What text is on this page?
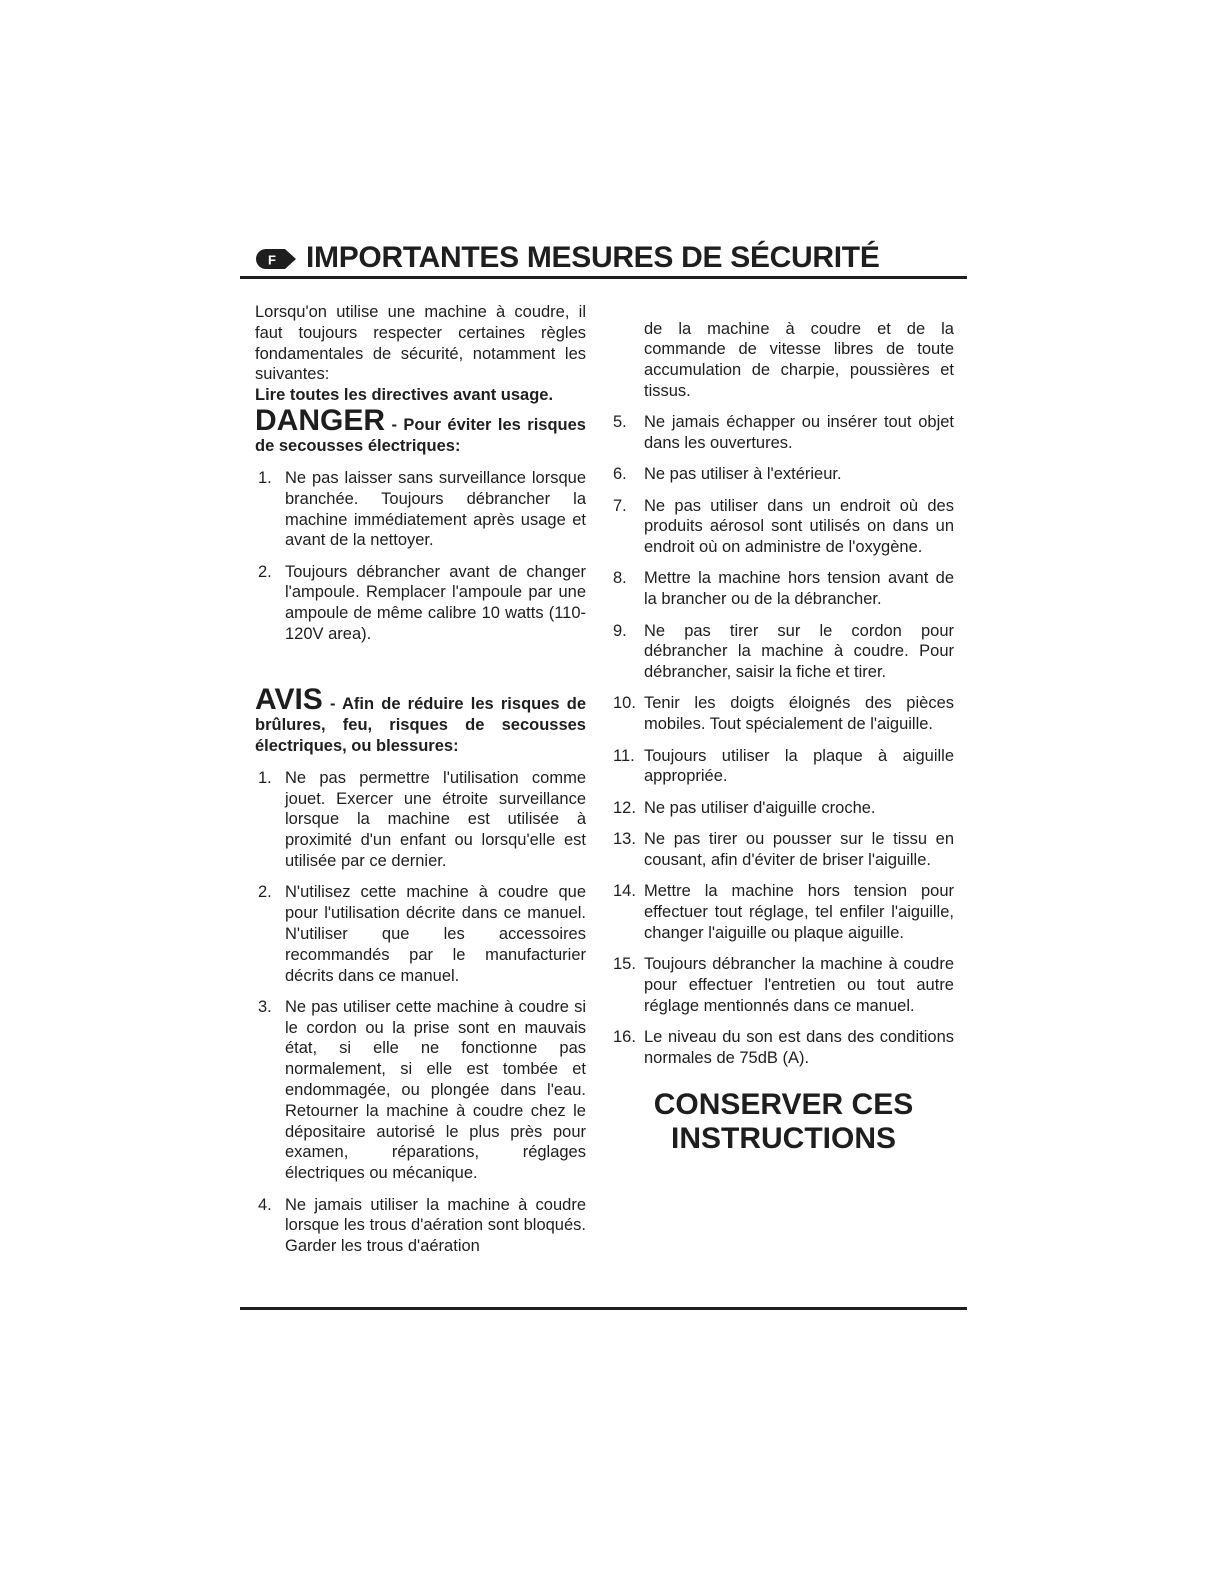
F IMPORTANTES MESURES DE SÉCURITÉ

Lorsqu'on utilise une machine à coudre, il faut toujours respecter certaines règles fondamentales de sécurité, notamment les suivantes:

Lire toutes les directives avant usage.

DANGER - Pour éviter les risques de secousses électriques:

1. Ne pas laisser sans surveillance lorsque branchée. Toujours débrancher la machine immédiatement après usage et avant de la nettoyer.
2. Toujours débrancher avant de changer l'ampoule. Remplacer l'ampoule par une ampoule de même calibre 10 watts (110-120V area).

AVIS - Afin de réduire les risques de brûlures, feu, risques de secousses électriques, ou blessures:

1. Ne pas permettre l'utilisation comme jouet. Exercer une étroite surveillance lorsque la machine est utilisée à proximité d'un enfant ou lorsqu'elle est utilisée par ce dernier.
2. N'utilisez cette machine à coudre que pour l'utilisation décrite dans ce manuel. N'utiliser que les accessoires recommandés par le manufacturier décrits dans ce manuel.
3. Ne pas utiliser cette machine à coudre si le cordon ou la prise sont en mauvais état, si elle ne fonctionne pas normalement, si elle est tombée et endommagée, ou plongée dans l'eau. Retourner la machine à coudre chez le dépositaire autorisé le plus près pour examen, réparations, réglages électriques ou mécanique.
4. Ne jamais utiliser la machine à coudre lorsque les trous d'aération sont bloqués. Garder les trous d'aération

de la machine à coudre et de la commande de vitesse libres de toute accumulation de charpie, poussières et tissus.

5. Ne jamais échapper ou insérer tout objet dans les ouvertures.
6. Ne pas utiliser à l'extérieur.
7. Ne pas utiliser dans un endroit où des produits aérosol sont utilisés on dans un endroit où on administre de l'oxygène.
8. Mettre la machine hors tension avant de la brancher ou de la débrancher.
9. Ne pas tirer sur le cordon pour débrancher la machine à coudre. Pour débrancher, saisir la fiche et tirer.
10. Tenir les doigts éloignés des pièces mobiles. Tout spécialement de l'aiguille.
11. Toujours utiliser la plaque à aiguille appropriée.
12. Ne pas utiliser d'aiguille croche.
13. Ne pas tirer ou pousser sur le tissu en cousant, afin d'éviter de briser l'aiguille.
14. Mettre la machine hors tension pour effectuer tout réglage, tel enfiler l'aiguille, changer l'aiguille ou plaque aiguille.
15. Toujours débrancher la machine à coudre pour effectuer l'entretien ou tout autre réglage mentionnés dans ce manuel.
16. Le niveau du son est dans des conditions normales de 75dB (A).
CONSERVER CES
INSTRUCTIONS
